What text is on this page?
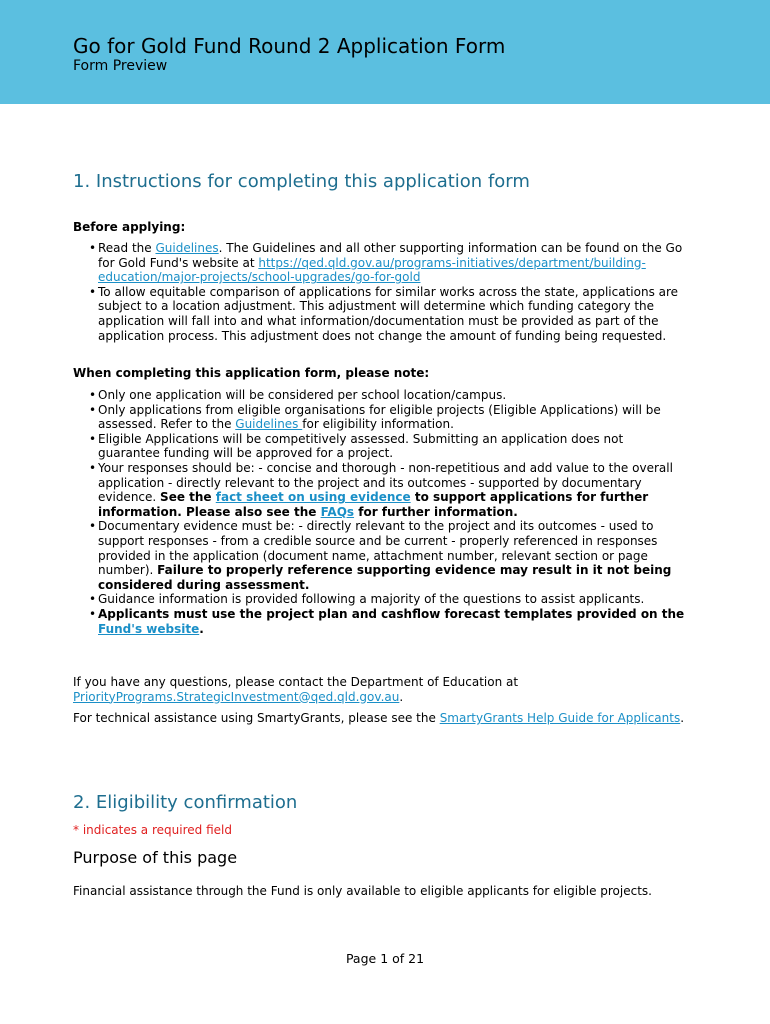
Go for Gold Fund Round 2 Application Form
Form Preview
1. Instructions for completing this application form
Before applying:
• Read the Guidelines. The Guidelines and all other supporting information can be found on the Go for Gold Fund's website at https://qed.qld.gov.au/programs-initiatives/department/building-education/major-projects/school-upgrades/go-for-gold
• To allow equitable comparison of applications for similar works across the state, applications are subject to a location adjustment. This adjustment will determine which funding category the application will fall into and what information/documentation must be provided as part of the application process. This adjustment does not change the amount of funding being requested.
When completing this application form, please note:
• Only one application will be considered per school location/campus.
• Only applications from eligible organisations for eligible projects (Eligible Applications) will be assessed. Refer to the Guidelines for eligibility information.
• Eligible Applications will be competitively assessed. Submitting an application does not guarantee funding will be approved for a project.
• Your responses should be: - concise and thorough - non-repetitious and add value to the overall application - directly relevant to the project and its outcomes - supported by documentary evidence. See the fact sheet on using evidence to support applications for further information. Please also see the FAQs for further information.
• Documentary evidence must be: - directly relevant to the project and its outcomes - used to support responses - from a credible source and be current - properly referenced in responses provided in the application (document name, attachment number, relevant section or page number). Failure to properly reference supporting evidence may result in it not being considered during assessment.
• Guidance information is provided following a majority of the questions to assist applicants.
• Applicants must use the project plan and cashflow forecast templates provided on the Fund's website.
If you have any questions, please contact the Department of Education at PriorityPrograms.StrategicInvestment@qed.qld.gov.au.
For technical assistance using SmartyGrants, please see the SmartyGrants Help Guide for Applicants.
2. Eligibility confirmation
* indicates a required field
Purpose of this page
Financial assistance through the Fund is only available to eligible applicants for eligible projects.
Page 1 of 21
